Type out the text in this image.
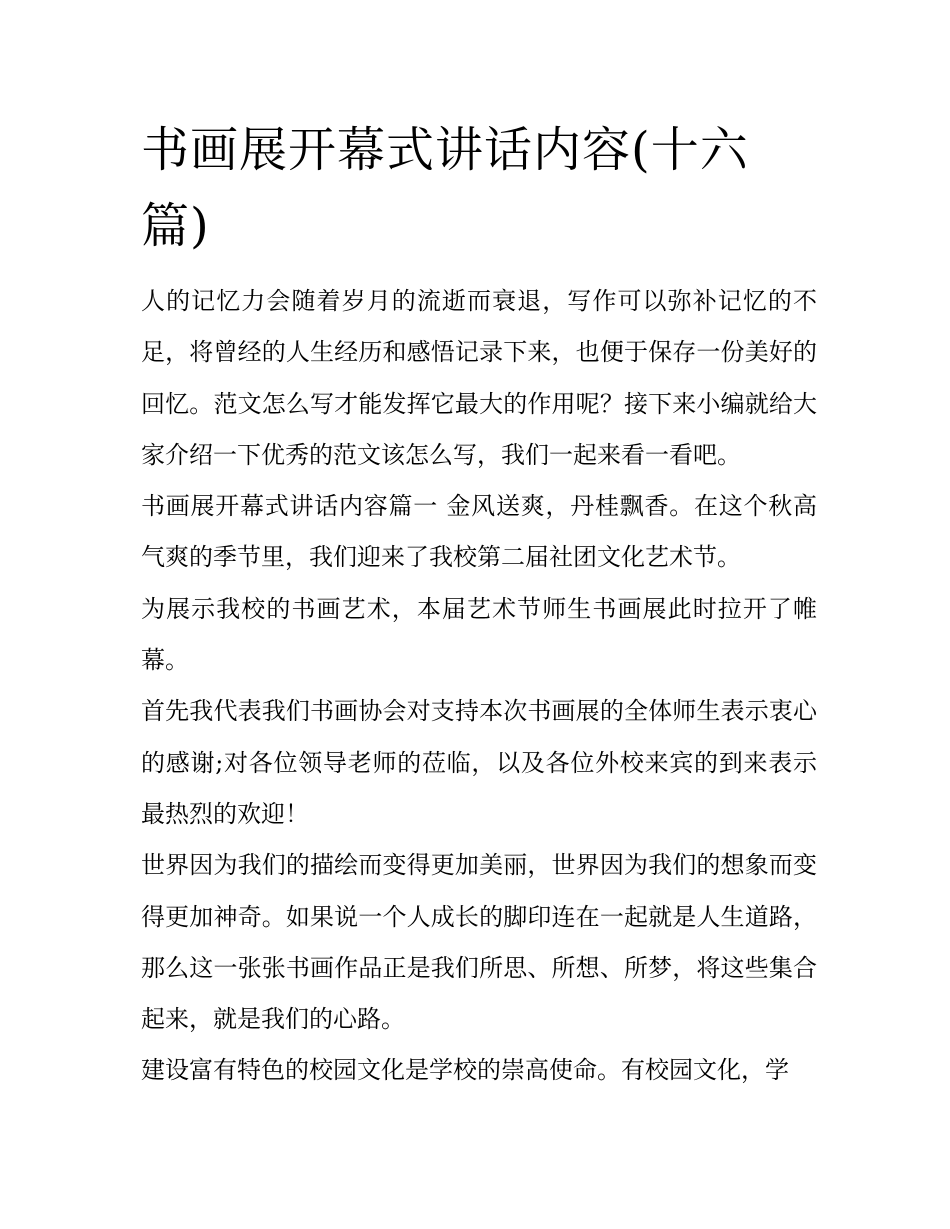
书画展开幕式讲话内容(十六篇)

人的记忆力会随着岁月的流逝而衰退，写作可以弥补记忆的不足，将曾经的人生经历和感悟记录下来，也便于保存一份美好的回忆。范文怎么写才能发挥它最大的作用呢？接下来小编就给大家介绍一下优秀的范文该怎么写，我们一起来看一看吧。

书画展开幕式讲话内容篇一 金风送爽，丹桂飘香。在这个秋高气爽的季节里，我们迎来了我校第二届社团文化艺术节。

为展示我校的书画艺术，本届艺术节师生书画展此时拉开了帷幕。

首先我代表我们书画协会对支持本次书画展的全体师生表示衷心的感谢;对各位领导老师的莅临，以及各位外校来宾的到来表示最热烈的欢迎！

世界因为我们的描绘而变得更加美丽，世界因为我们的想象而变得更加神奇。如果说一个人成长的脚印连在一起就是人生道路，那么这一张张书画作品正是我们所思、所想、所梦，将这些集合起来，就是我们的心路。

建设富有特色的校园文化是学校的崇高使命。有校园文化，学
